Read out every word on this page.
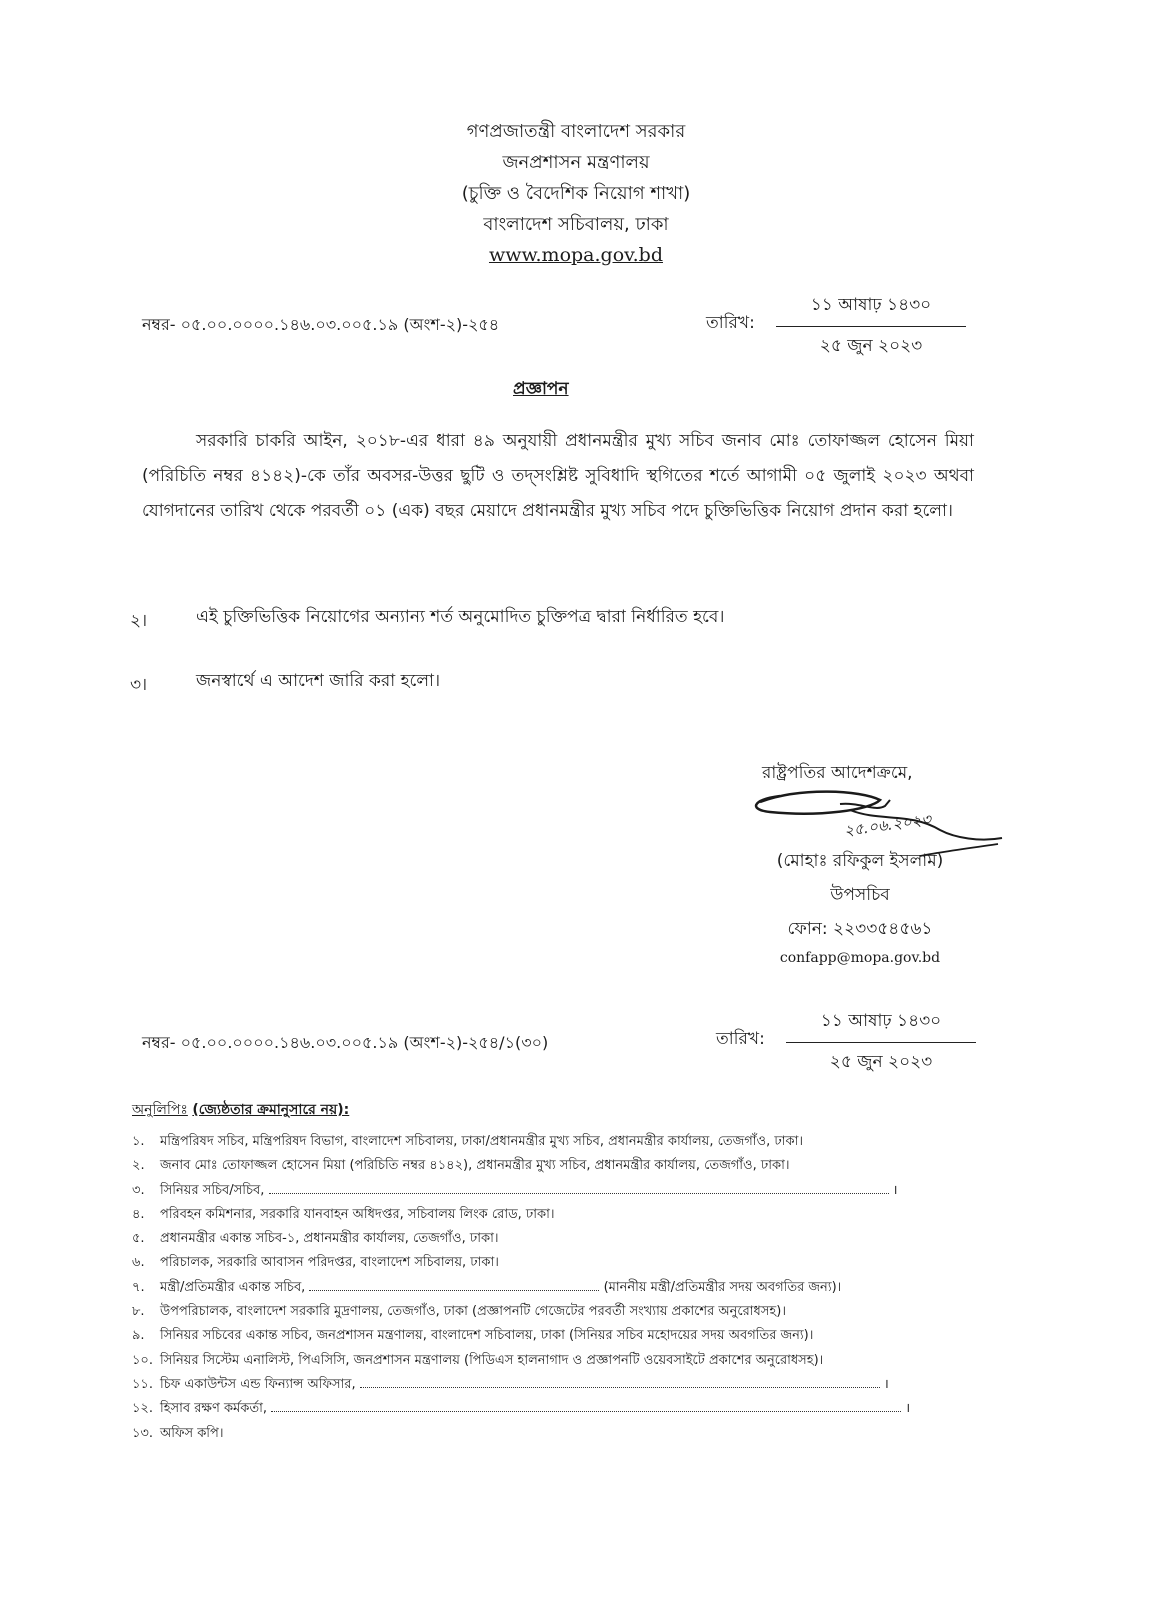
গণপ্রজাতন্ত্রী বাংলাদেশ সরকার
জনপ্রশাসন মন্ত্রণালয়
(চুক্তি ও বৈদেশিক নিয়োগ শাখা)
বাংলাদেশ সচিবালয়, ঢাকা
www.mopa.gov.bd
নম্বর- ০৫.০০.০০০০.১৪৬.০৩.০০৫.১৯ (অংশ-২)-২৫৪	তারিখ:
১১ আষাঢ় ১৪৩০
২৫ জুন ২০২৩
প্রজ্ঞাপন
সরকারি চাকরি আইন, ২০১৮-এর ধারা ৪৯ অনুযায়ী প্রধানমন্ত্রীর মুখ্য সচিব জনাব মোঃ তোফাজ্জল হোসেন মিয়া (পরিচিতি নম্বর ৪১৪২)-কে তাঁর অবসর-উত্তর ছুটি ও তদ্‌সংশ্লিষ্ট সুবিধাদি স্থগিতের শর্তে আগামী ০৫ জুলাই ২০২৩ অথবা যোগদানের তারিখ থেকে পরবর্তী ০১ (এক) বছর মেয়াদে প্রধানমন্ত্রীর মুখ্য সচিব পদে চুক্তিভিত্তিক নিয়োগ প্রদান করা হলো।
২।	এই চুক্তিভিত্তিক নিয়োগের অন্যান্য শর্ত অনুমোদিত চুক্তিপত্র দ্বারা নির্ধারিত হবে।
৩।	জনস্বার্থে এ আদেশ জারি করা হলো।
রাষ্ট্রপতির আদেশক্রমে,
২৫.০৬.২০২৩
(মোহাঃ রফিকুল ইসলাম)
উপসচিব
ফোন: ২২৩৩৫৪৫৬১
confapp@mopa.gov.bd
নম্বর- ০৫.০০.০০০০.১৪৬.০৩.০০৫.১৯ (অংশ-২)-২৫৪/১(৩০)	তারিখ:
১১ আষাঢ় ১৪৩০
২৫ জুন ২০২৩
অনুলিপিঃ (জ্যেষ্ঠতার ক্রমানুসারে নয়):
১. মন্ত্রিপরিষদ সচিব, মন্ত্রিপরিষদ বিভাগ, বাংলাদেশ সচিবালয়, ঢাকা/প্রধানমন্ত্রীর মুখ্য সচিব, প্রধানমন্ত্রীর কার্যালয়, তেজগাঁও, ঢাকা।
২. জনাব মোঃ তোফাজ্জল হোসেন মিয়া (পরিচিতি নম্বর ৪১৪২), প্রধানমন্ত্রীর মুখ্য সচিব, প্রধানমন্ত্রীর কার্যালয়, তেজগাঁও, ঢাকা।
৩. সিনিয়র সচিব/সচিব,	।
৪. পরিবহন কমিশনার, সরকারি যানবাহন অধিদপ্তর, সচিবালয় লিংক রোড, ঢাকা।
৫. প্রধানমন্ত্রীর একান্ত সচিব-১, প্রধানমন্ত্রীর কার্যালয়, তেজগাঁও, ঢাকা।
৬. পরিচালক, সরকারি আবাসন পরিদপ্তর, বাংলাদেশ সচিবালয়, ঢাকা।
৭. মন্ত্রী/প্রতিমন্ত্রীর একান্ত সচিব,	(মাননীয় মন্ত্রী/প্রতিমন্ত্রীর সদয় অবগতির জন্য)।
৮. উপপরিচালক, বাংলাদেশ সরকারি মুদ্রণালয়, তেজগাঁও, ঢাকা (প্রজ্ঞাপনটি গেজেটের পরবর্তী সংখ্যায় প্রকাশের অনুরোধসহ)।
৯. সিনিয়র সচিবের একান্ত সচিব, জনপ্রশাসন মন্ত্রণালয়, বাংলাদেশ সচিবালয়, ঢাকা (সিনিয়র সচিব মহোদয়ের সদয় অবগতির জন্য)।
১০. সিনিয়র সিস্টেম এনালিস্ট, পিএসিসি, জনপ্রশাসন মন্ত্রণালয় (পিডিএস হালনাগাদ ও প্রজ্ঞাপনটি ওয়েবসাইটে প্রকাশের অনুরোধসহ)।
১১. চিফ একাউন্টস এন্ড ফিন্যান্স অফিসার,	।
১২. হিসাব রক্ষণ কর্মকর্তা,	।
১৩. অফিস কপি।
